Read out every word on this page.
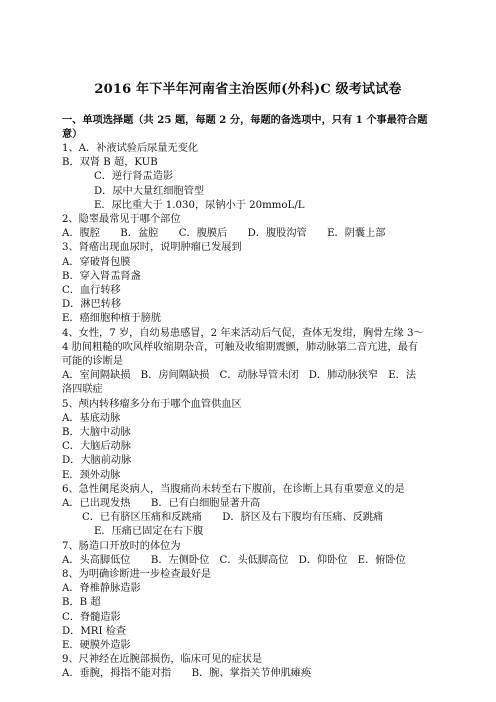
2016 年下半年河南省主治医师(外科)C 级考试试卷
一、单项选择题（共 25 题，每题 2 分，每题的备选项中，只有 1 个事最符合题
意）
1、A．补液试验后尿量无变化
B．双肾 B 超，KUB
C．逆行肾盂造影
D．尿中大量红细胞管型
E．尿比重大于 1.030，尿钠小于 20mmoL/L
2、隐睾最常见于哪个部位
A．腹腔　　B．盆腔　　C．腹膜后　　D．腹股沟管　　E．阴囊上部
3、肾癌出现血尿时，说明肿瘤已发展到
A．穿破肾包膜
B．穿入肾盂肾盏
C．血行转移
D．淋巴转移
E．癌细胞种植于膀胱
4、女性，7 岁，自幼易患感冒，2 年来活动后气促，查体无发绀，胸骨左缘 3～
4 肋间粗糙的吹风样收缩期杂音，可触及收缩期震颤，肺动脉第二音亢进，最有
可能的诊断是
A．室间隔缺损　B．房间隔缺损　C．动脉导管未闭　D．肺动脉狭窄　E．法
洛四联症
5、颅内转移瘤多分布于哪个血管供血区
A．基底动脉
B．大脑中动脉
C．大脑后动脉
D．大脑前动脉
E．颈外动脉
6、急性阑尾炎病人，当腹痛尚未转至右下腹前，在诊断上具有重要意义的是
A．已出现发热　　B．已有白细胞显著升高
C．已有脐区压痛和反跳痛　　D．脐区及右下腹均有压痛、反跳痛
E．压痛已固定在右下腹
7、肠造口开放时的体位为
A．头高脚低位　　B．左侧卧位　C．头低脚高位　D．仰卧位　E．俯卧位
8、为明确诊断进一步检查最好是
A．脊椎静脉造影
B．B 超
C．脊髓造影
D．MRI 检查
E．硬膜外造影
9、尺神经在近腕部损伤，临床可见的症状是
A．垂腕，拇指不能对指　　B．腕、掌指关节伸肌瘫痪
